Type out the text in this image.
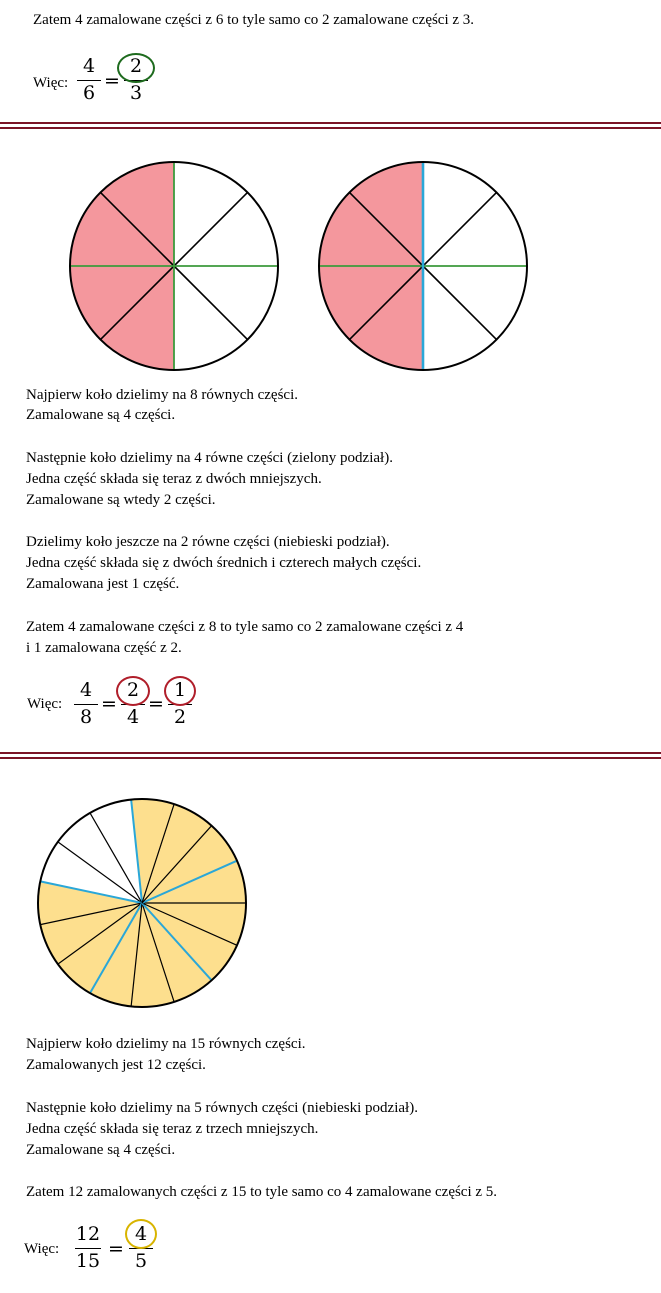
Zatem 4 zamalowane części z 6 to tyle samo co 2 zamalowane części z 3.
Więc:
4
6
=
2
3
Najpierw koło dzielimy na 8 równych części.
Zamalowane są 4 części.
Następnie koło dzielimy na 4 równe części (zielony podział).
Jedna część składa się teraz z dwóch mniejszych.
Zamalowane są wtedy 2 części.
Dzielimy koło jeszcze na 2 równe części (niebieski podział).
Jedna część składa się z dwóch średnich i czterech małych części.
Zamalowana jest 1 część.
Zatem 4 zamalowane części z 8 to tyle samo co 2 zamalowane części z 4
i 1 zamalowana część z 2.
Więc:
4
8
=
2
4
=
1
2
Najpierw koło dzielimy na 15 równych części.
Zamalowanych jest 12 części.
Następnie koło dzielimy na 5 równych części (niebieski podział).
Jedna część składa się teraz z trzech mniejszych.
Zamalowane są 4 części.
Zatem 12 zamalowanych części z 15 to tyle samo co 4 zamalowane części z 5.
Więc:
12
15
=
4
5
